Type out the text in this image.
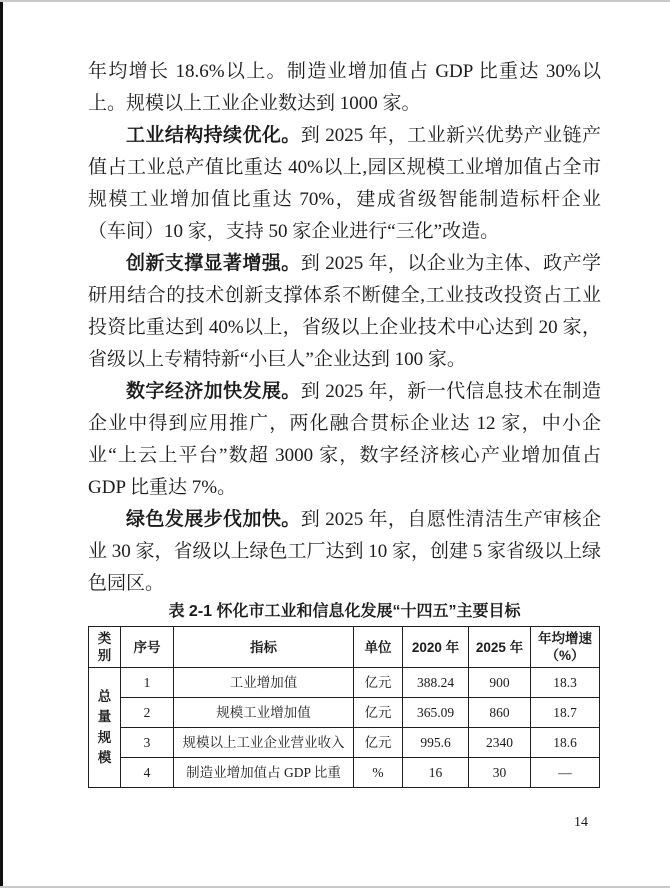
年均增长 18.6%以上。制造业增加值占 GDP 比重达 30%以上。规模以上工业企业数达到 1000 家。

工业结构持续优化。到 2025 年，工业新兴优势产业链产值占工业总产值比重达 40%以上,园区规模工业增加值占全市规模工业增加值比重达 70%，建成省级智能制造标杆企业（车间）10 家，支持 50 家企业进行“三化”改造。

创新支撑显著增强。到 2025 年，以企业为主体、政产学研用结合的技术创新支撑体系不断健全,工业技改投资占工业投资比重达到 40%以上，省级以上企业技术中心达到 20 家，省级以上专精特新“小巨人”企业达到 100 家。

数字经济加快发展。到 2025 年，新一代信息技术在制造企业中得到应用推广，两化融合贯标企业达 12 家，中小企业“上云上平台”数超 3000 家，数字经济核心产业增加值占 GDP 比重达 7%。

绿色发展步伐加快。到 2025 年，自愿性清洁生产审核企业 30 家，省级以上绿色工厂达到 10 家，创建 5 家省级以上绿色园区。

表 2-1 怀化市工业和信息化发展“十四五”主要目标
类别	序号	指标	单位	2020 年	2025 年	年均增速（%）
总量规模	1	工业增加值	亿元	388.24	900	18.3
	2	规模工业增加值	亿元	365.09	860	18.7
	3	规模以上工业企业营业收入	亿元	995.6	2340	18.6
	4	制造业增加值占 GDP 比重	%	16	30	—
14
